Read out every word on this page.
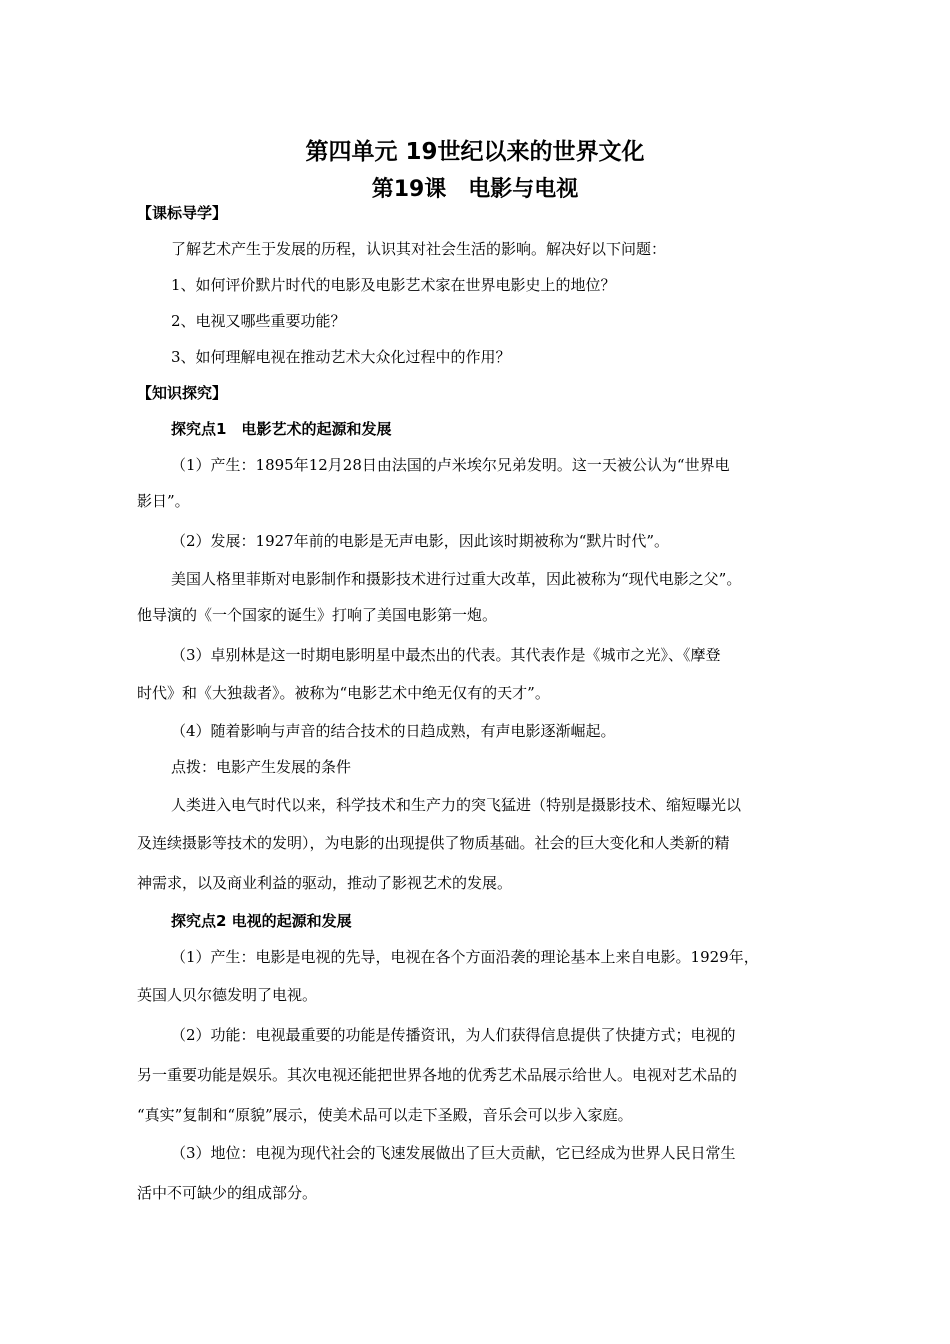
第四单元 19世纪以来的世界文化
第19课　电影与电视
【课标导学】
了解艺术产生于发展的历程，认识其对社会生活的影响。解决好以下问题：
1、如何评价默片时代的电影及电影艺术家在世界电影史上的地位？
2、电视又哪些重要功能？
3、如何理解电视在推动艺术大众化过程中的作用？
【知识探究】
探究点1　电影艺术的起源和发展
（1）产生：1895年12月28日由法国的卢米埃尔兄弟发明。这一天被公认为“世界电
影日”。
（2）发展：1927年前的电影是无声电影，因此该时期被称为“默片时代”。
美国人格里菲斯对电影制作和摄影技术进行过重大改革，因此被称为“现代电影之父”。
他导演的《一个国家的诞生》打响了美国电影第一炮。
（3）卓别林是这一时期电影明星中最杰出的代表。其代表作是《城市之光》、《摩登
时代》和《大独裁者》。被称为“电影艺术中绝无仅有的天才”。
（4）随着影响与声音的结合技术的日趋成熟，有声电影逐渐崛起。
点拨：电影产生发展的条件
人类进入电气时代以来，科学技术和生产力的突飞猛进（特别是摄影技术、缩短曝光以
及连续摄影等技术的发明），为电影的出现提供了物质基础。社会的巨大变化和人类新的精
神需求，以及商业利益的驱动，推动了影视艺术的发展。
探究点2 电视的起源和发展
（1）产生：电影是电视的先导，电视在各个方面沿袭的理论基本上来自电影。1929年，
英国人贝尔德发明了电视。
（2）功能：电视最重要的功能是传播资讯，为人们获得信息提供了快捷方式；电视的
另一重要功能是娱乐。其次电视还能把世界各地的优秀艺术品展示给世人。电视对艺术品的
“真实”复制和“原貌”展示，使美术品可以走下圣殿，音乐会可以步入家庭。
（3）地位：电视为现代社会的飞速发展做出了巨大贡献，它已经成为世界人民日常生
活中不可缺少的组成部分。
